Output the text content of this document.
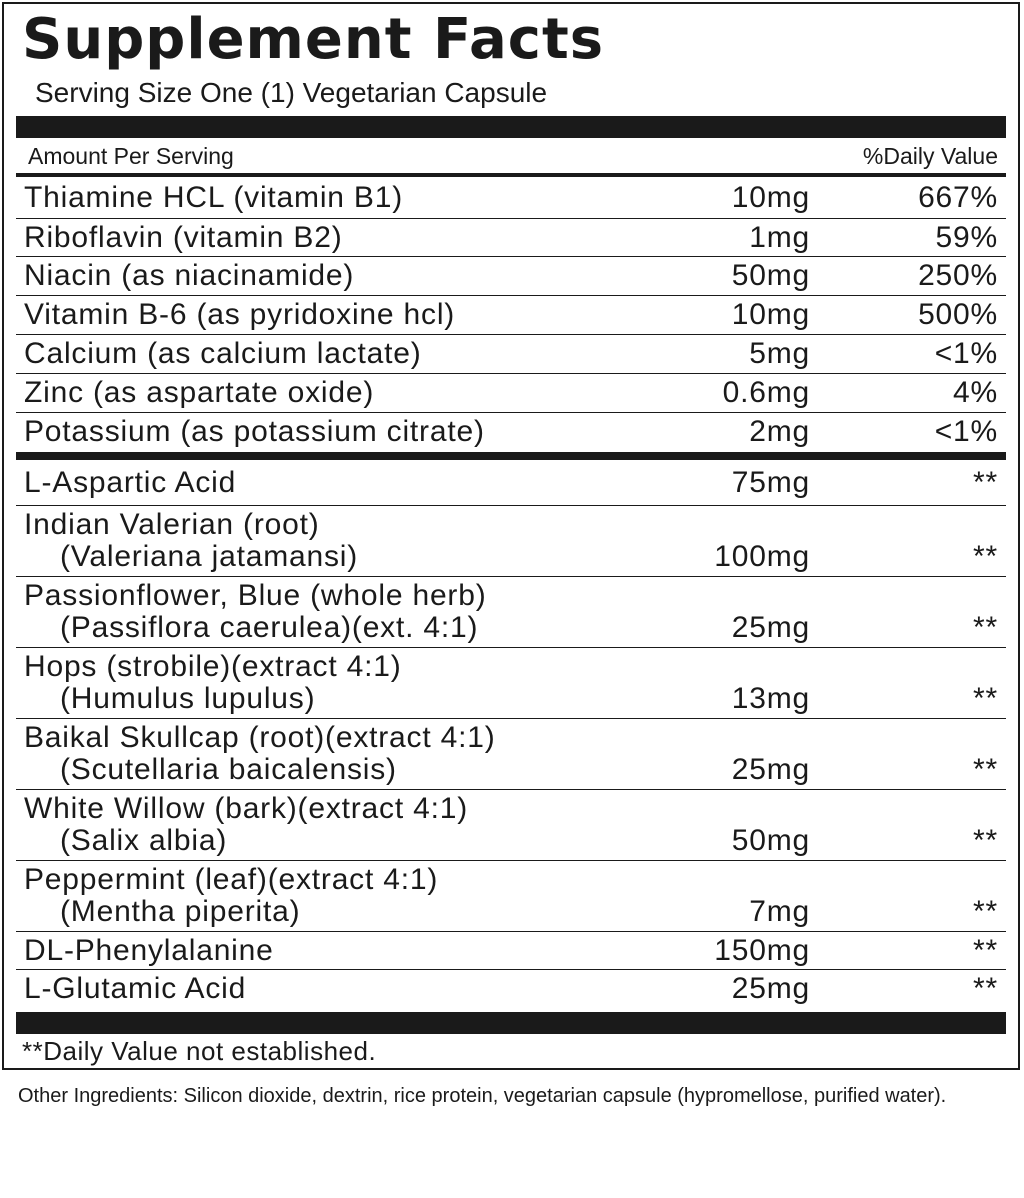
Supplement Facts
Serving Size One (1) Vegetarian Capsule
Amount Per Serving	%Daily Value
Thiamine HCL (vitamin B1)	10mg	667%
Riboflavin (vitamin B2)	1mg	59%
Niacin (as niacinamide)	50mg	250%
Vitamin B-6 (as pyridoxine hcl)	10mg	500%
Calcium (as calcium lactate)	5mg	<1%
Zinc (as aspartate oxide)	0.6mg	4%
Potassium (as potassium citrate)	2mg	<1%
L-Aspartic Acid	75mg	**
Indian Valerian (root)
(Valeriana jatamansi)	100mg	**
Passionflower, Blue (whole herb)
(Passiflora caerulea)(ext. 4:1)	25mg	**
Hops (strobile)(extract 4:1)
(Humulus lupulus)	13mg	**
Baikal Skullcap (root)(extract 4:1)
(Scutellaria baicalensis)	25mg	**
White Willow (bark)(extract 4:1)
(Salix albia)	50mg	**
Peppermint (leaf)(extract 4:1)
(Mentha piperita)	7mg	**
DL-Phenylalanine	150mg	**
L-Glutamic Acid	25mg	**
**Daily Value not established.
Other Ingredients: Silicon dioxide, dextrin, rice protein, vegetarian capsule (hypromellose, purified water).
